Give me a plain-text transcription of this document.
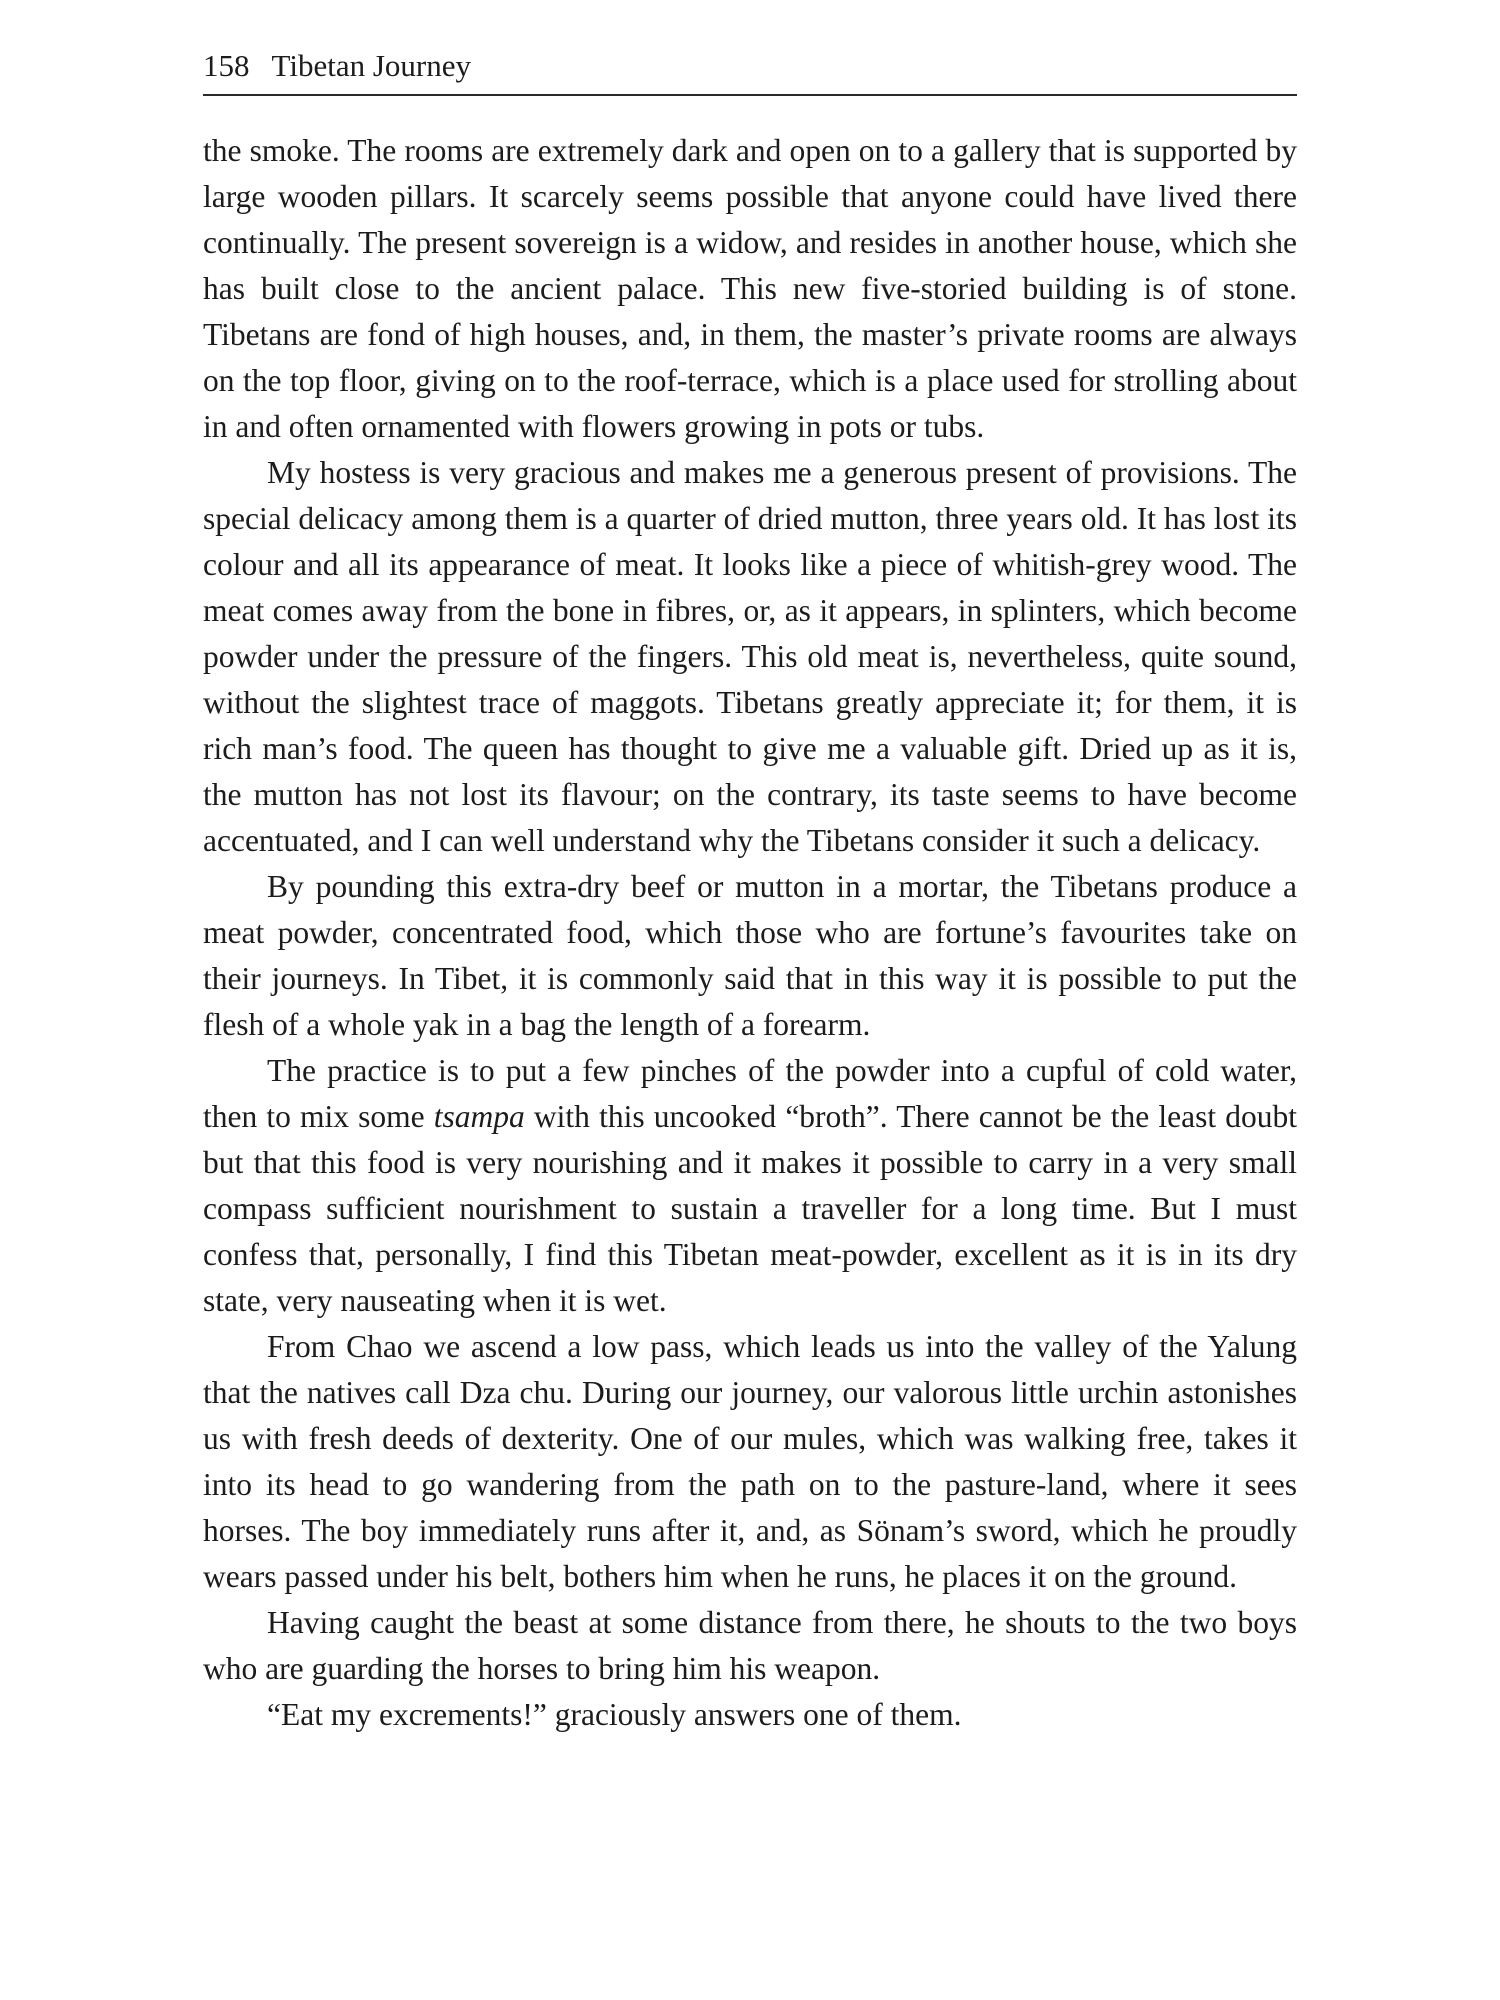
158 Tibetan Journey

the smoke. The rooms are extremely dark and open on to a gallery that is supported by large wooden pillars. It scarcely seems possible that anyone could have lived there continually. The present sovereign is a widow, and resides in another house, which she has built close to the ancient palace. This new five-storied building is of stone. Tibetans are fond of high houses, and, in them, the master’s private rooms are always on the top floor, giving on to the roof-terrace, which is a place used for strolling about in and often ornamented with flowers growing in pots or tubs.

My hostess is very gracious and makes me a generous present of provisions. The special delicacy among them is a quarter of dried mutton, three years old. It has lost its colour and all its appearance of meat. It looks like a piece of whitish-grey wood. The meat comes away from the bone in fibres, or, as it appears, in splinters, which become powder under the pressure of the fingers. This old meat is, nevertheless, quite sound, without the slightest trace of maggots. Tibetans greatly appreciate it; for them, it is rich man’s food. The queen has thought to give me a valuable gift. Dried up as it is, the mutton has not lost its flavour; on the contrary, its taste seems to have become accentuated, and I can well understand why the Tibetans consider it such a delicacy.

By pounding this extra-dry beef or mutton in a mortar, the Tibetans produce a meat powder, concentrated food, which those who are fortune’s favourites take on their journeys. In Tibet, it is commonly said that in this way it is possible to put the flesh of a whole yak in a bag the length of a forearm.

The practice is to put a few pinches of the powder into a cupful of cold water, then to mix some tsampa with this uncooked “broth”. There cannot be the least doubt but that this food is very nourishing and it makes it possible to carry in a very small compass sufficient nourishment to sustain a traveller for a long time. But I must confess that, personally, I find this Tibetan meat-powder, excellent as it is in its dry state, very nauseating when it is wet.

From Chao we ascend a low pass, which leads us into the valley of the Yalung that the natives call Dza chu. During our journey, our valorous little urchin astonishes us with fresh deeds of dexterity. One of our mules, which was walking free, takes it into its head to go wandering from the path on to the pasture-land, where it sees horses. The boy immediately runs after it, and, as Sönam’s sword, which he proudly wears passed under his belt, bothers him when he runs, he places it on the ground.

Having caught the beast at some distance from there, he shouts to the two boys who are guarding the horses to bring him his weapon.

“Eat my excrements!” graciously answers one of them.
